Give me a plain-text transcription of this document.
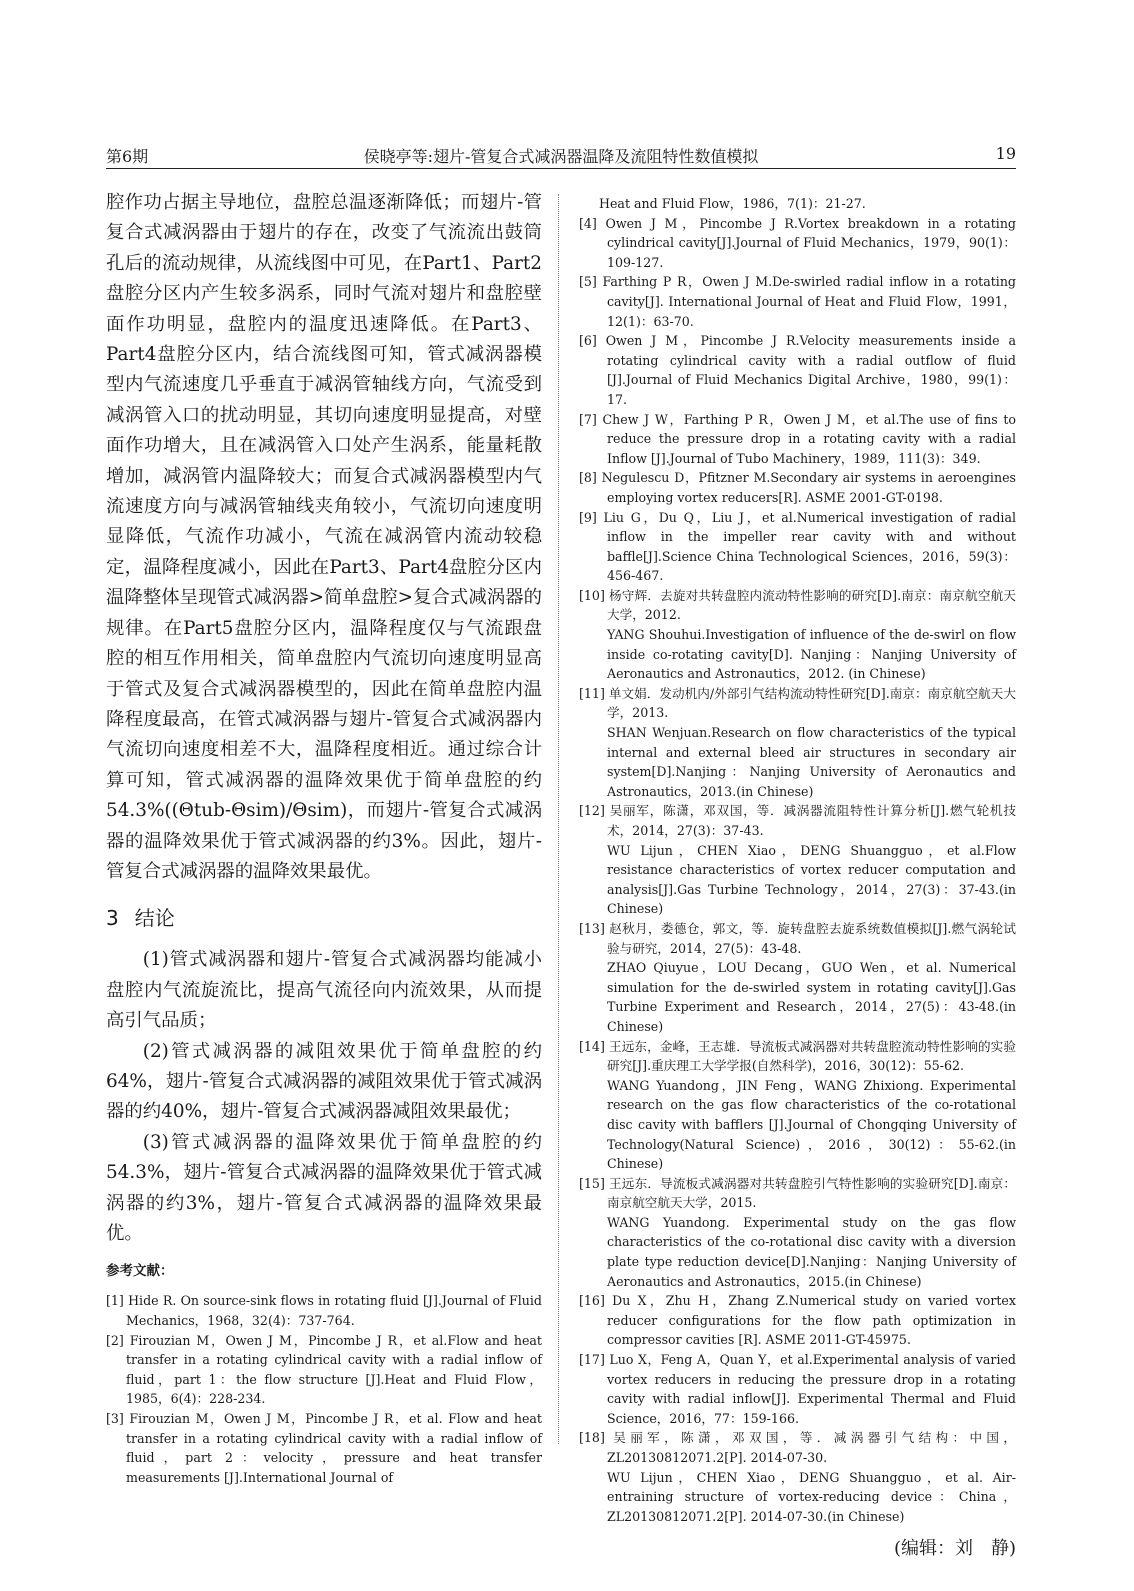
第6期	侯晓亭等:翅片-管复合式减涡器温降及流阻特性数值模拟	19

腔作功占据主导地位，盘腔总温逐渐降低；而翅片-管复合式减涡器由于翅片的存在，改变了气流流出鼓筒孔后的流动规律，从流线图中可见，在Part1、Part2盘腔分区内产生较多涡系，同时气流对翅片和盘腔壁面作功明显，盘腔内的温度迅速降低。在Part3、Part4盘腔分区内，结合流线图可知，管式减涡器模型内气流速度几乎垂直于减涡管轴线方向，气流受到减涡管入口的扰动明显，其切向速度明显提高，对壁面作功增大，且在减涡管入口处产生涡系，能量耗散增加，减涡管内温降较大；而复合式减涡器模型内气流速度方向与减涡管轴线夹角较小，气流切向速度明显降低，气流作功减小，气流在减涡管内流动较稳定，温降程度减小，因此在Part3、Part4盘腔分区内温降整体呈现管式减涡器>简单盘腔>复合式减涡器的规律。在Part5盘腔分区内，温降程度仅与气流跟盘腔的相互作用相关，简单盘腔内气流切向速度明显高于管式及复合式减涡器模型的，因此在简单盘腔内温降程度最高，在管式减涡器与翅片-管复合式减涡器内气流切向速度相差不大，温降程度相近。通过综合计算可知，管式减涡器的温降效果优于简单盘腔的约54.3%((Θtub-Θsim)/Θsim)，而翅片-管复合式减涡器的温降效果优于管式减涡器的约3%。因此，翅片-管复合式减涡器的温降效果最优。

3 结论

(1)管式减涡器和翅片-管复合式减涡器均能减小盘腔内气流旋流比，提高气流径向内流效果，从而提高引气品质；

(2)管式减涡器的减阻效果优于简单盘腔的约64%，翅片-管复合式减涡器的减阻效果优于管式减涡器的约40%，翅片-管复合式减涡器减阻效果最优；

(3)管式减涡器的温降效果优于简单盘腔的约54.3%，翅片-管复合式减涡器的温降效果优于管式减涡器的约3%，翅片-管复合式减涡器的温降效果最优。

参考文献：

[1] Hide R. On source-sink flows in rotating fluid [J].Journal of Fluid Mechanics，1968，32(4)：737-764.

[2] Firouzian M，Owen J M，Pincombe J R，et al.Flow and heat transfer in a rotating cylindrical cavity with a radial inflow of fluid，part 1：the flow structure [J].Heat and Fluid Flow，1985，6(4)：228-234.

[3] Firouzian M，Owen J M，Pincombe J R，et al. Flow and heat transfer in a rotating cylindrical cavity with a radial inflow of fluid，part 2：velocity，pressure and heat transfer measurements [J].International Journal of

Heat and Fluid Flow，1986，7(1)：21-27.

[4] Owen J M，Pincombe J R.Vortex breakdown in a rotating cylindrical cavity[J].Journal of Fluid Mechanics，1979，90(1)：109-127.

[5] Farthing P R，Owen J M.De-swirled radial inflow in a rotating cavity[J]. International Journal of Heat and Fluid Flow，1991，12(1)：63-70.

[6] Owen J M，Pincombe J R.Velocity measurements inside a rotating cylindrical cavity with a radial outflow of fluid [J].Journal of Fluid Mechanics Digital Archive，1980，99(1)：17.

[7] Chew J W，Farthing P R，Owen J M，et al.The use of fins to reduce the pressure drop in a rotating cavity with a radial Inflow [J].Journal of Tubo Machinery，1989，111(3)：349.

[8] Negulescu D，Pfitzner M.Secondary air systems in aeroengines employing vortex reducers[R]. ASME 2001-GT-0198.

[9] Liu G，Du Q，Liu J，et al.Numerical investigation of radial inflow in the impeller rear cavity with and without baffle[J].Science China Technological Sciences，2016，59(3)：456-467.

[10] 杨守辉．去旋对共转盘腔内流动特性影响的研究[D].南京：南京航空航天大学，2012.
YANG Shouhui.Investigation of influence of the de-swirl on flow inside co-rotating cavity[D]. Nanjing：Nanjing University of Aeronautics and Astronautics，2012. (in Chinese)

[11] 单文娟．发动机内/外部引气结构流动特性研究[D].南京：南京航空航天大学，2013.
SHAN Wenjuan.Research on flow characteristics of the typical internal and external bleed air structures in secondary air system[D].Nanjing：Nanjing University of Aeronautics and Astronautics，2013.(in Chinese)

[12] 吴丽军，陈潇，邓双国，等．减涡器流阻特性计算分析[J].燃气轮机技术，2014，27(3)：37-43.
WU Lijun，CHEN Xiao，DENG Shuangguo，et al.Flow resistance characteristics of vortex reducer computation and analysis[J].Gas Turbine Technology，2014，27(3)：37-43.(in Chinese)

[13] 赵秋月，娄德仓，郭文，等．旋转盘腔去旋系统数值模拟[J].燃气涡轮试验与研究，2014，27(5)：43-48.
ZHAO Qiuyue，LOU Decang，GUO Wen，et al. Numerical simulation for the de-swirled system in rotating cavity[J].Gas Turbine Experiment and Research，2014，27(5)：43-48.(in Chinese)

[14] 王远东，金峰，王志雄．导流板式减涡器对共转盘腔流动特性影响的实验研究[J].重庆理工大学学报(自然科学)，2016，30(12)：55-62.
WANG Yuandong，JIN Feng，WANG Zhixiong. Experimental research on the gas flow characteristics of the co-rotational disc cavity with bafflers [J].Journal of Chongqing University of Technology(Natural Science)，2016，30(12)：55-62.(in Chinese)

[15] 王远东．导流板式减涡器对共转盘腔引气特性影响的实验研究[D].南京：南京航空航天大学，2015.
WANG Yuandong. Experimental study on the gas flow characteristics of the co-rotational disc cavity with a diversion plate type reduction device[D].Nanjing：Nanjing University of Aeronautics and Astronautics，2015.(in Chinese)

[16] Du X，Zhu H，Zhang Z.Numerical study on varied vortex reducer configurations for the flow path optimization in compressor cavities [R]. ASME 2011-GT-45975.

[17] Luo X，Feng A，Quan Y，et al.Experimental analysis of varied vortex reducers in reducing the pressure drop in a rotating cavity with radial inflow[J]. Experimental Thermal and Fluid Science，2016，77：159-166.

[18] 吴丽军，陈潇，邓双国，等．减涡器引气结构：中国，ZL20130812071.2[P]. 2014-07-30.
WU Lijun，CHEN Xiao，DENG Shuangguo，et al. Air-entraining structure of vortex-reducing device：China，ZL20130812071.2[P]. 2014-07-30.(in Chinese)

(编辑：刘　静)
